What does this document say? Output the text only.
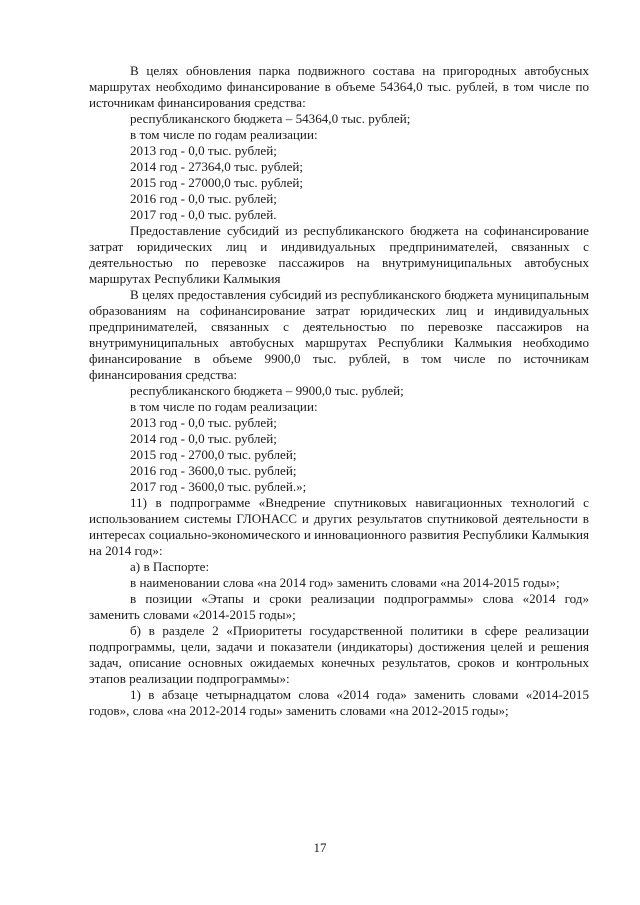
В целях обновления парка подвижного состава на пригородных автобусных маршрутах необходимо финансирование в объеме 54364,0 тыс. рублей, в том числе по источникам финансирования средства:

республиканского бюджета – 54364,0 тыс. рублей;

в том числе по годам реализации:

2013 год - 0,0 тыс. рублей;

2014 год - 27364,0 тыс. рублей;

2015 год - 27000,0 тыс. рублей;

2016 год - 0,0 тыс. рублей;

2017 год - 0,0 тыс. рублей.

Предоставление субсидий из республиканского бюджета на софинансирование затрат юридических лиц и индивидуальных предпринимателей, связанных с деятельностью по перевозке пассажиров на внутримуниципальных автобусных маршрутах Республики Калмыкия

В целях предоставления субсидий из республиканского бюджета муниципальным образованиям на софинансирование затрат юридических лиц и индивидуальных предпринимателей, связанных с деятельностью по перевозке пассажиров на внутримуниципальных автобусных маршрутах Республики Калмыкия необходимо финансирование в объеме 9900,0 тыс. рублей, в том числе по источникам финансирования средства:

республиканского бюджета – 9900,0 тыс. рублей;

в том числе по годам реализации:

2013 год - 0,0 тыс. рублей;

2014 год - 0,0 тыс. рублей;

2015 год - 2700,0 тыс. рублей;

2016 год - 3600,0 тыс. рублей;

2017 год - 3600,0 тыс. рублей.»;

11) в подпрограмме «Внедрение спутниковых навигационных технологий с использованием системы ГЛОНАСС и других результатов спутниковой деятельности в интересах социально-экономического и инновационного развития Республики Калмыкия на 2014 год»:

а) в Паспорте:

в наименовании слова «на 2014 год» заменить словами «на 2014-2015 годы»;

в позиции «Этапы и сроки реализации подпрограммы» слова «2014 год» заменить словами «2014-2015 годы»;

б) в разделе 2 «Приоритеты государственной политики в сфере реализации подпрограммы, цели, задачи и показатели (индикаторы) достижения целей и решения задач, описание основных ожидаемых конечных результатов, сроков и контрольных этапов реализации подпрограммы»:

1) в абзаце четырнадцатом слова «2014 года» заменить словами «2014-2015 годов», слова «на 2012-2014 годы» заменить словами «на 2012-2015 годы»;

17
